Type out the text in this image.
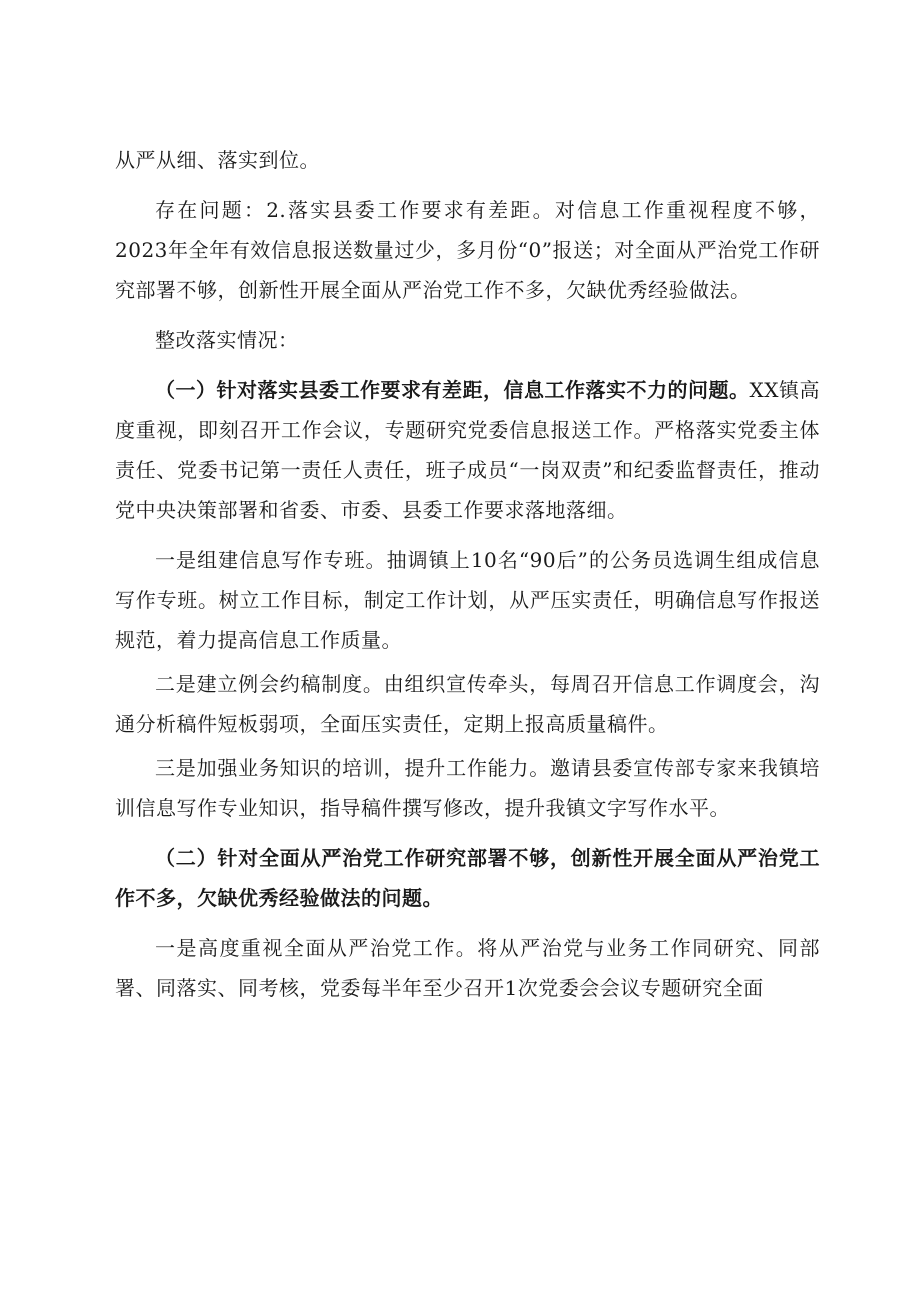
从严从细、落实到位。

存在问题：2.落实县委工作要求有差距。对信息工作重视程度不够，2023年全年有效信息报送数量过少，多月份“0”报送；对全面从严治党工作研究部署不够，创新性开展全面从严治党工作不多，欠缺优秀经验做法。

整改落实情况：

（一）针对落实县委工作要求有差距，信息工作落实不力的问题。XX镇高度重视，即刻召开工作会议，专题研究党委信息报送工作。严格落实党委主体责任、党委书记第一责任人责任，班子成员“一岗双责”和纪委监督责任，推动党中央决策部署和省委、市委、县委工作要求落地落细。

一是组建信息写作专班。抽调镇上10名“90后”的公务员选调生组成信息写作专班。树立工作目标，制定工作计划，从严压实责任，明确信息写作报送规范，着力提高信息工作质量。

二是建立例会约稿制度。由组织宣传牵头，每周召开信息工作调度会，沟通分析稿件短板弱项，全面压实责任，定期上报高质量稿件。

三是加强业务知识的培训，提升工作能力。邀请县委宣传部专家来我镇培训信息写作专业知识，指导稿件撰写修改，提升我镇文字写作水平。

（二）针对全面从严治党工作研究部署不够，创新性开展全面从严治党工作不多，欠缺优秀经验做法的问题。

一是高度重视全面从严治党工作。将从严治党与业务工作同研究、同部署、同落实、同考核，党委每半年至少召开1次党委会会议专题研究全面
